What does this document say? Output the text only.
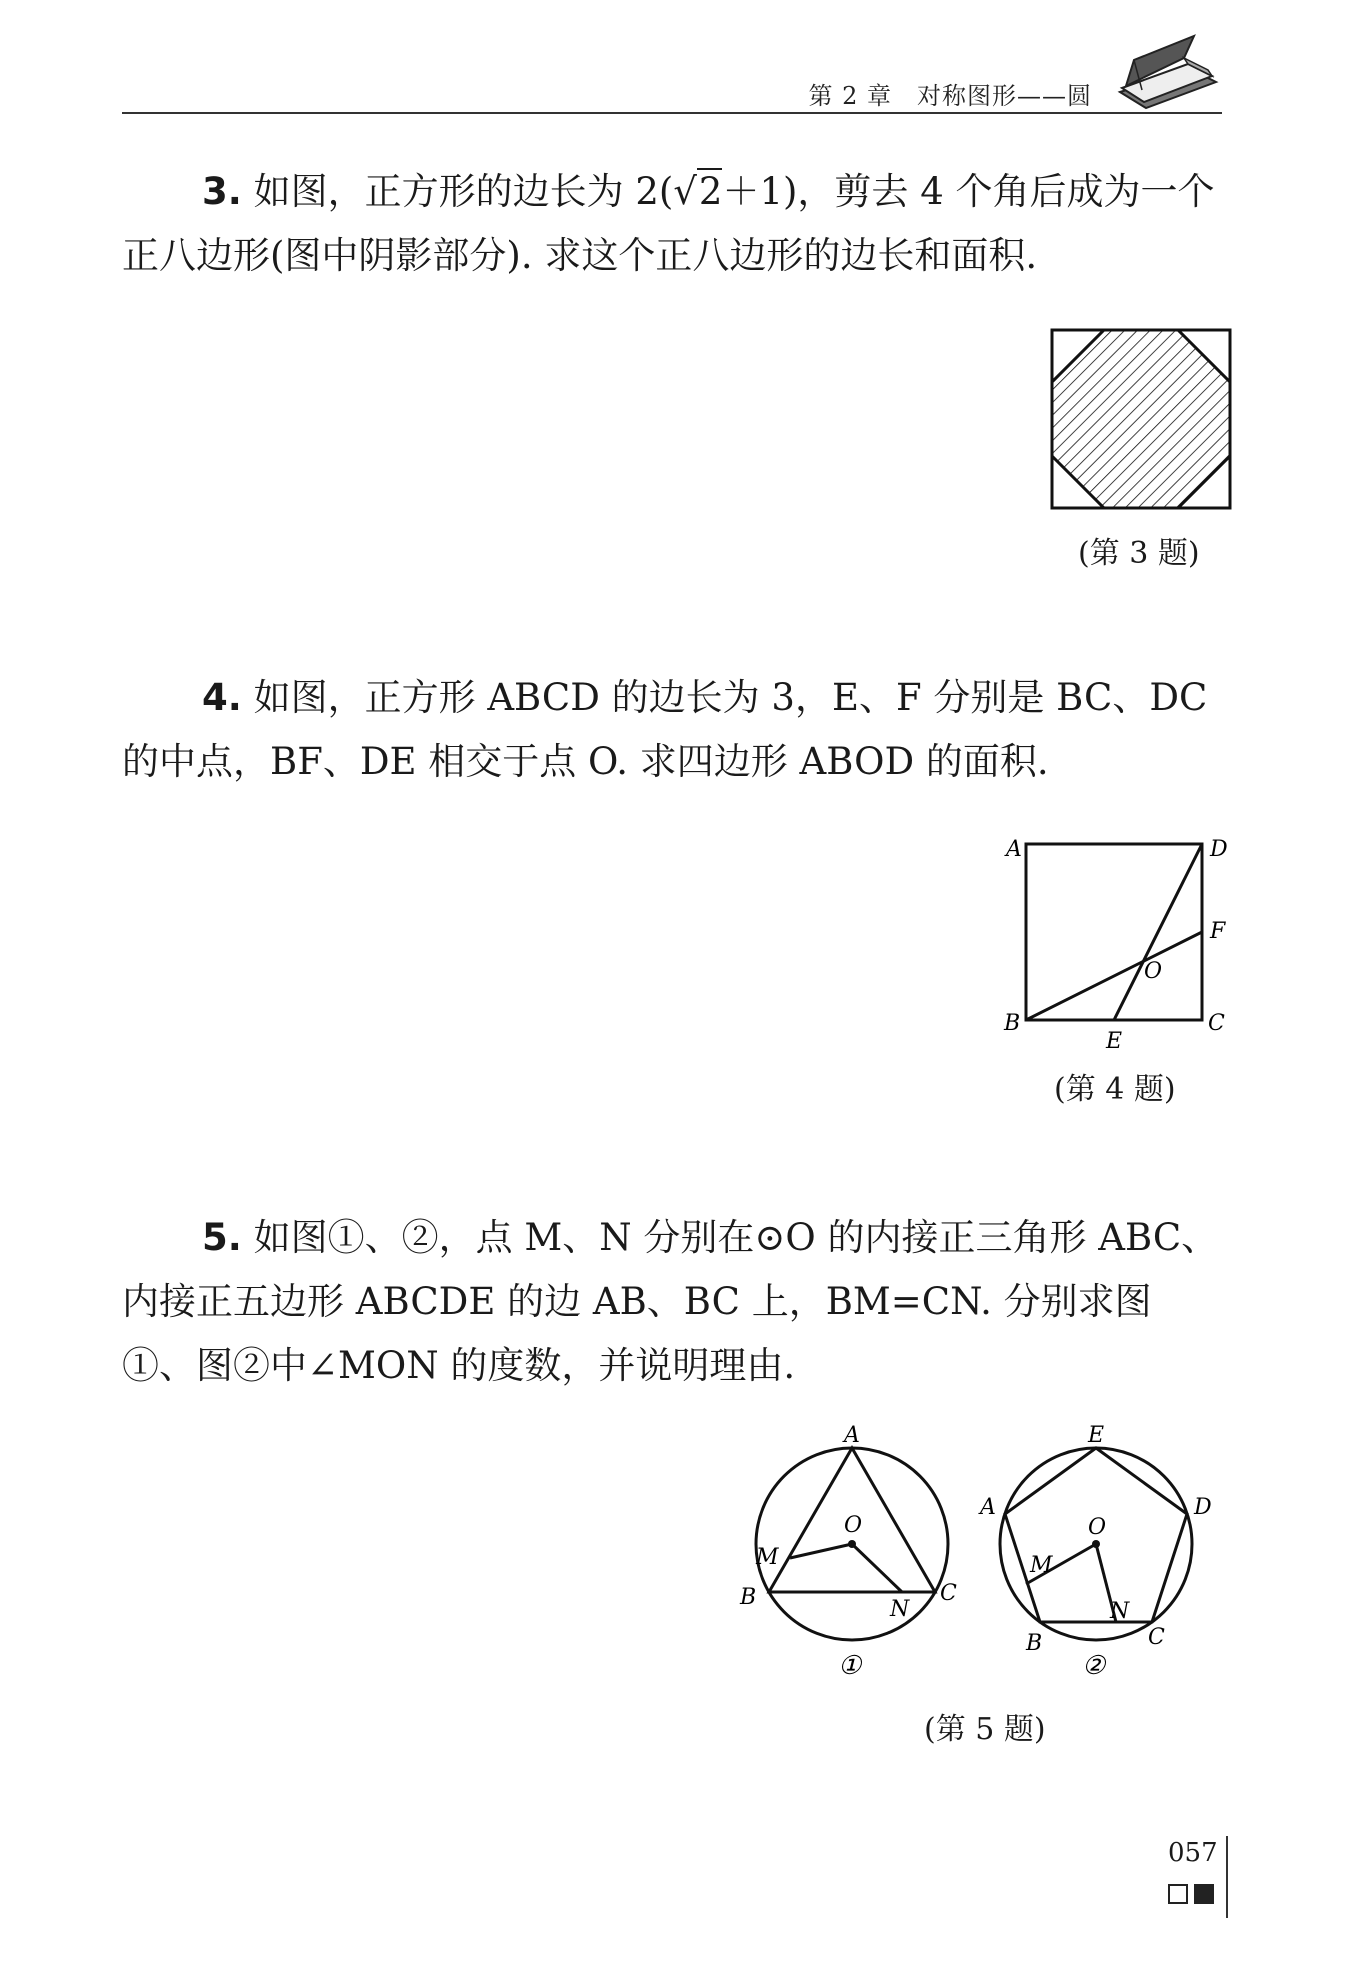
第 2 章　对称图形——圆
3. 如图，正方形的边长为 2(√2＋1)，剪去 4 个角后成为一个正八边形(图中阴影部分). 求这个正八边形的边长和面积.
(第 3 题)
4. 如图，正方形 ABCD 的边长为 3，E、F 分别是 BC、DC 的中点，BF、DE 相交于点 O. 求四边形 ABOD 的面积.
A	D
F
O
B	C
E
(第 4 题)
5. 如图①、②，点 M、N 分别在⊙O 的内接正三角形 ABC、内接正五边形 ABCDE 的边 AB、BC 上，BM=CN. 分别求图①、图②中∠MON 的度数，并说明理由.
A
O
M
B	C
N
①
E
A	D
O
M
N
B	C
②
(第 5 题)
057
